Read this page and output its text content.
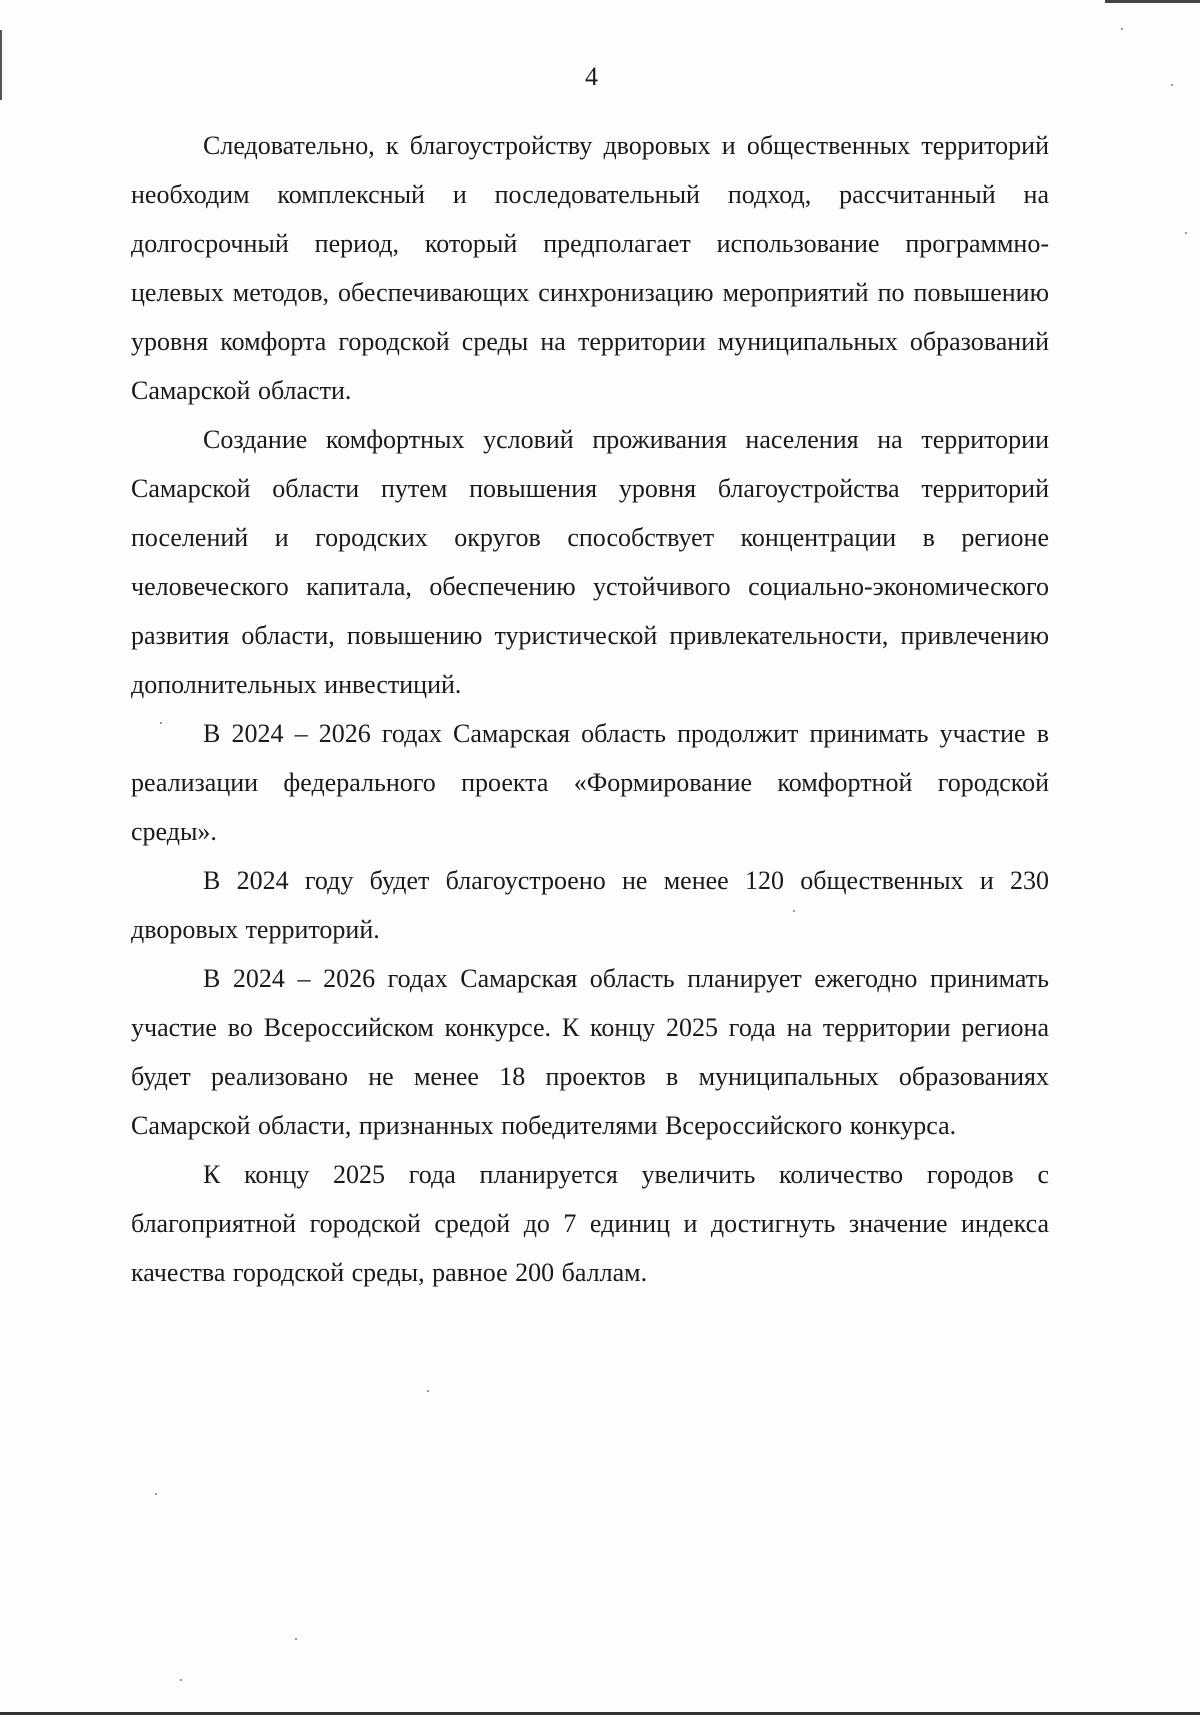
4

Следовательно, к благоустройству дворовых и общественных территорий необходим комплексный и последовательный подход, рассчитанный на долгосрочный период, который предполагает использование программно-целевых методов, обеспечивающих синхронизацию мероприятий по повышению уровня комфорта городской среды на территории муниципальных образований Самарской области.

Создание комфортных условий проживания населения на территории Самарской области путем повышения уровня благоустройства территорий поселений и городских округов способствует концентрации в регионе человеческого капитала, обеспечению устойчивого социально-экономического развития области, повышению туристической привлекательности, привлечению дополнительных инвестиций.

В 2024 – 2026 годах Самарская область продолжит принимать участие в реализации федерального проекта «Формирование комфортной городской среды».

В 2024 году будет благоустроено не менее 120 общественных и 230 дворовых территорий.

В 2024 – 2026 годах Самарская область планирует ежегодно принимать участие во Всероссийском конкурсе. К концу 2025 года на территории региона будет реализовано не менее 18 проектов в муниципальных образованиях Самарской области, признанных победителями Всероссийского конкурса.

К концу 2025 года планируется увеличить количество городов с благоприятной городской средой до 7 единиц и достигнуть значение индекса качества городской среды, равное 200 баллам.
